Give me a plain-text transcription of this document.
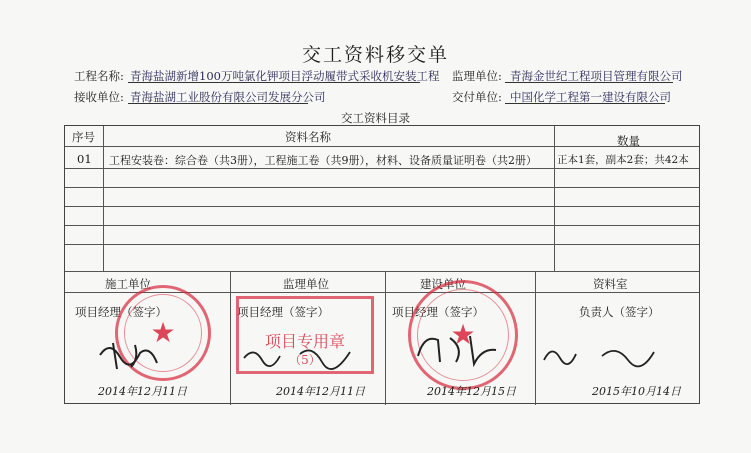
交工资料移交单
工程名称: 青海盐湖新增100万吨氯化钾项目浮动履带式采收机安装工程 监理单位: 青海金世纪工程项目管理有限公司
接收单位: 青海盐湖工业股份有限公司发展分公司	交付单位: 中国化学工程第一建设有限公司
交工资料目录
序号	资料名称	数量
01 工程安装卷：综合卷（共3册），工程施工卷（共9册），材料、设备质量证明卷（共2册） 正本1套，副本2套；共42本
施工单位	监理单位	建设单位	资料室
项目经理（签字）	项目经理（签字）	项目经理（签字）	负责人（签字）
★	项目专用章
（5）
★
2014年12月11日	2014年12月11日	2014年12月15日	2015年10月14日
